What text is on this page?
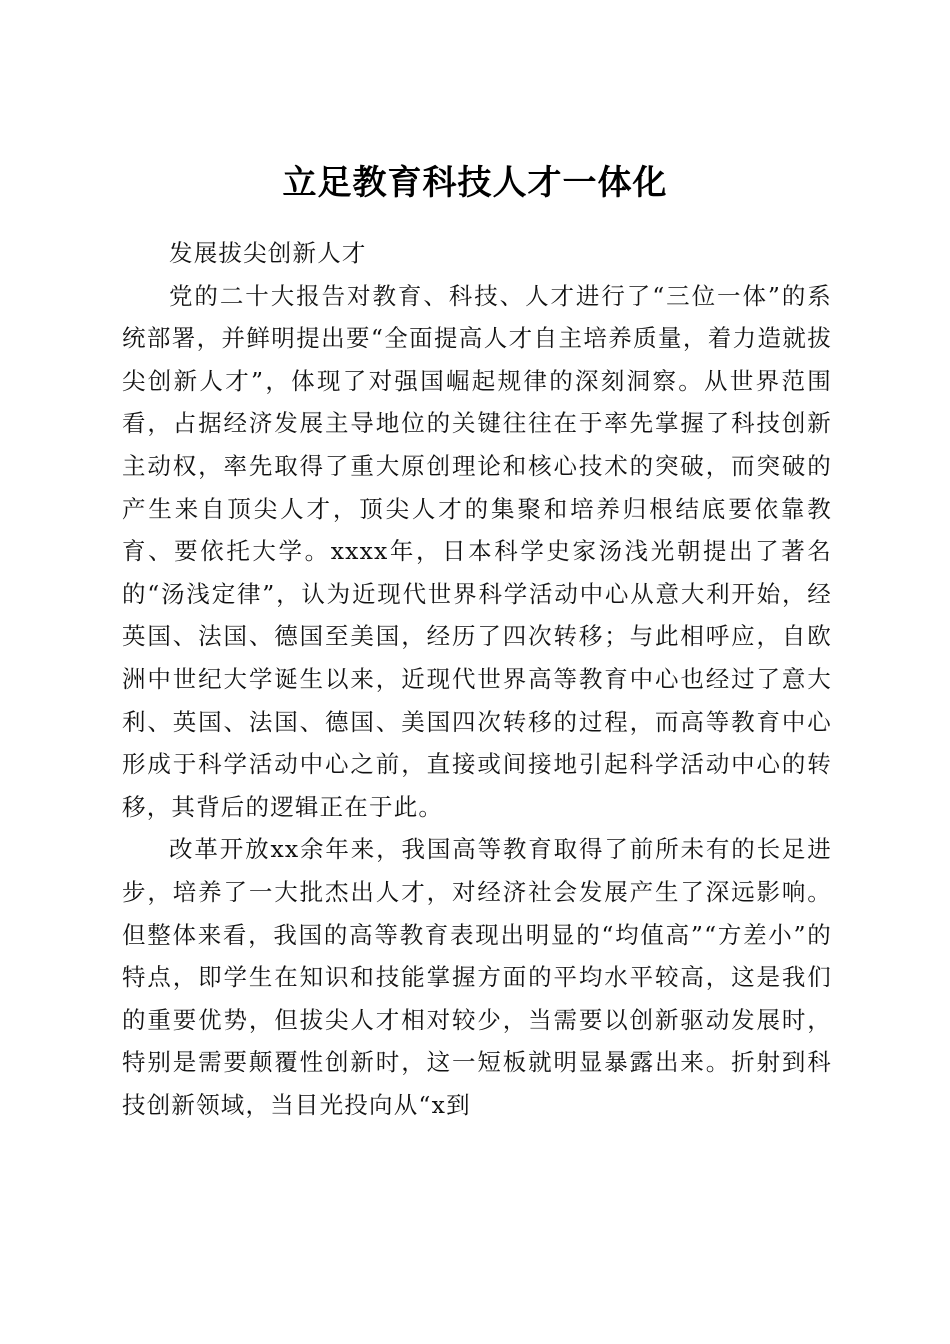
立足教育科技人才一体化

发展拔尖创新人才

党的二十大报告对教育、科技、人才进行了“三位一体”的系统部署，并鲜明提出要“全面提高人才自主培养质量，着力造就拔尖创新人才”，体现了对强国崛起规律的深刻洞察。从世界范围看，占据经济发展主导地位的关键往往在于率先掌握了科技创新主动权，率先取得了重大原创理论和核心技术的突破，而突破的产生来自顶尖人才，顶尖人才的集聚和培养归根结底要依靠教育、要依托大学。xxxx年，日本科学史家汤浅光朝提出了著名的“汤浅定律”，认为近现代世界科学活动中心从意大利开始，经英国、法国、德国至美国，经历了四次转移；与此相呼应，自欧洲中世纪大学诞生以来，近现代世界高等教育中心也经过了意大利、英国、法国、德国、美国四次转移的过程，而高等教育中心形成于科学活动中心之前，直接或间接地引起科学活动中心的转移，其背后的逻辑正在于此。

改革开放xx余年来，我国高等教育取得了前所未有的长足进步，培养了一大批杰出人才，对经济社会发展产生了深远影响。但整体来看，我国的高等教育表现出明显的“均值高”“方差小”的特点，即学生在知识和技能掌握方面的平均水平较高，这是我们的重要优势，但拔尖人才相对较少，当需要以创新驱动发展时，特别是需要颠覆性创新时，这一短板就明显暴露出来。折射到科技创新领域，当目光投向从“x到
